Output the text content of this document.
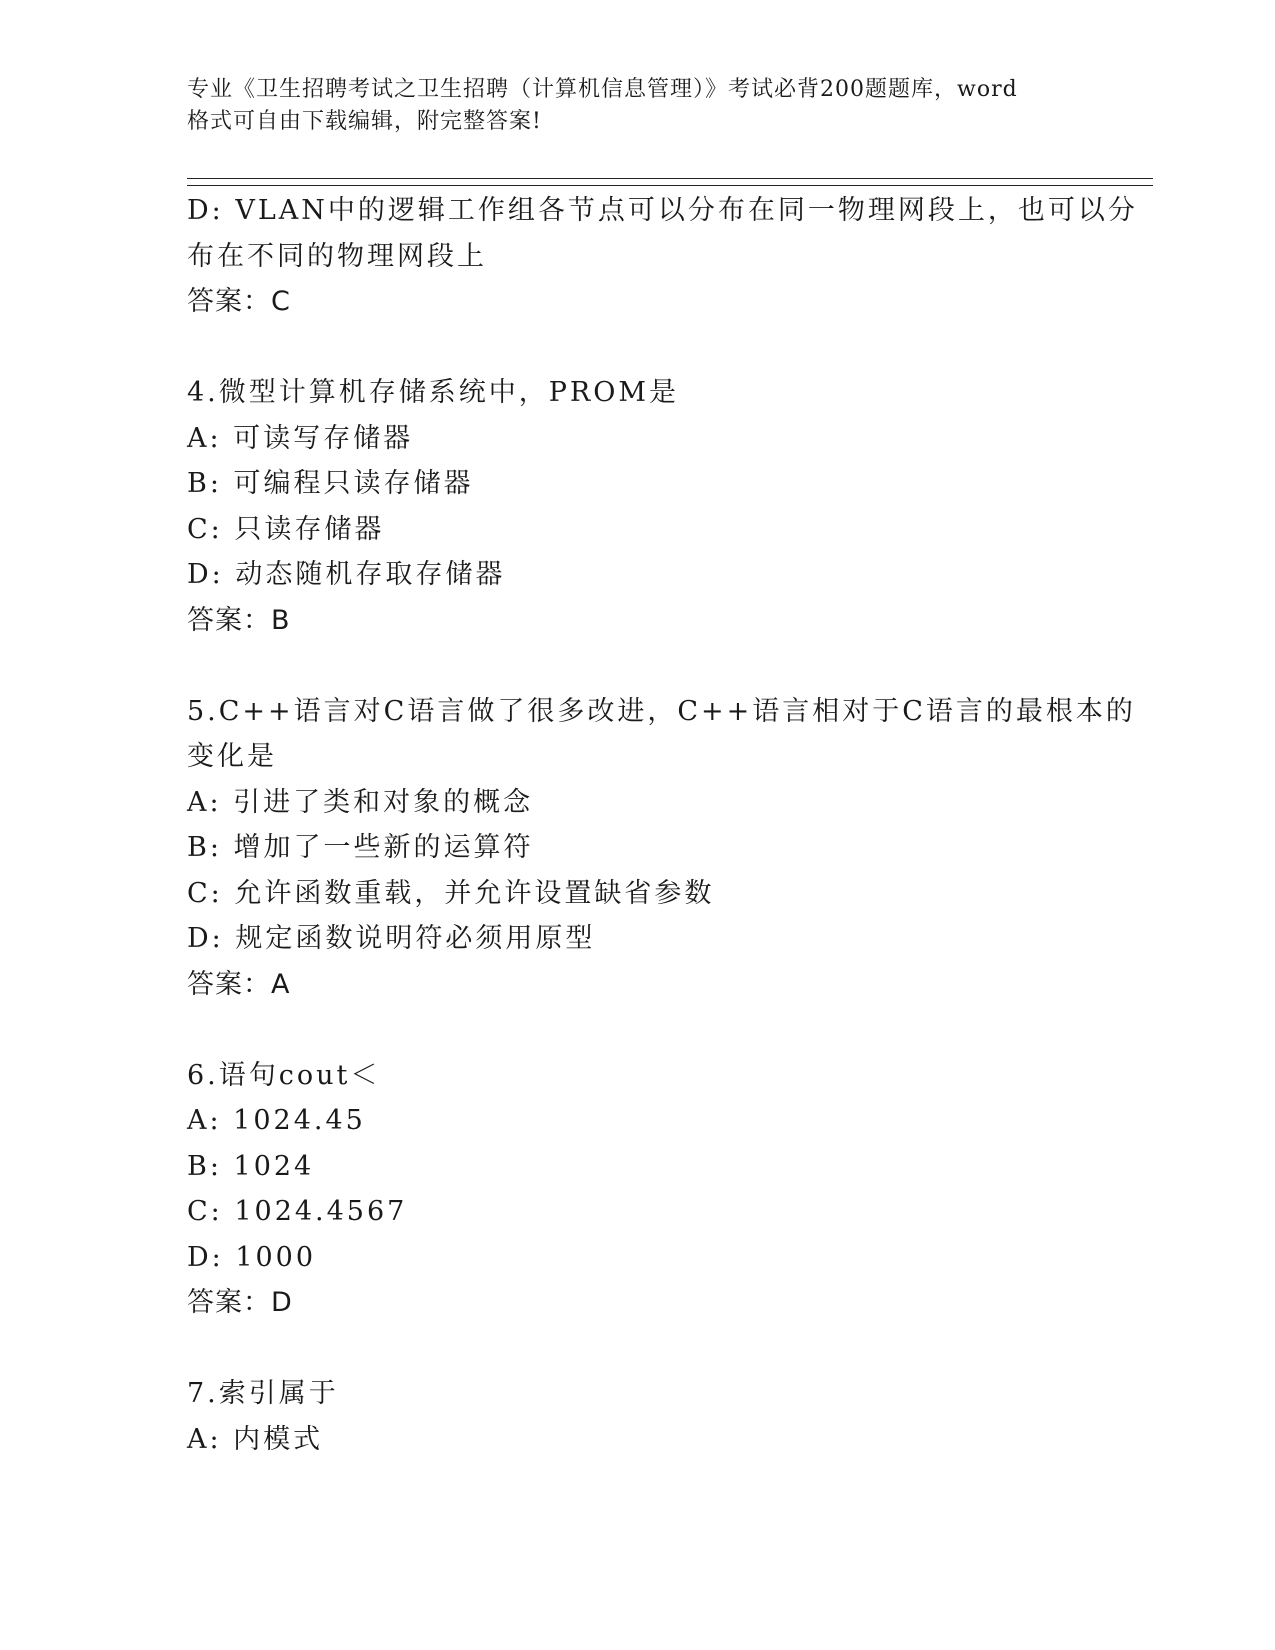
专业《卫生招聘考试之卫生招聘（计算机信息管理）》考试必背200题题库，word
格式可自由下载编辑，附完整答案!
D: VLAN中的逻辑工作组各节点可以分布在同一物理网段上，也可以分
布在不同的物理网段上
答案：C
4.微型计算机存储系统中，PROM是
A: 可读写存储器
B: 可编程只读存储器
C: 只读存储器
D: 动态随机存取存储器
答案：B
5.C++语言对C语言做了很多改进，C++语言相对于C语言的最根本的
变化是
A: 引进了类和对象的概念
B: 增加了一些新的运算符
C: 允许函数重载，并允许设置缺省参数
D: 规定函数说明符必须用原型
答案：A
6.语句cout＜
A: 1024.45
B: 1024
C: 1024.4567
D: 1000
答案：D
7.索引属于
A: 内模式
